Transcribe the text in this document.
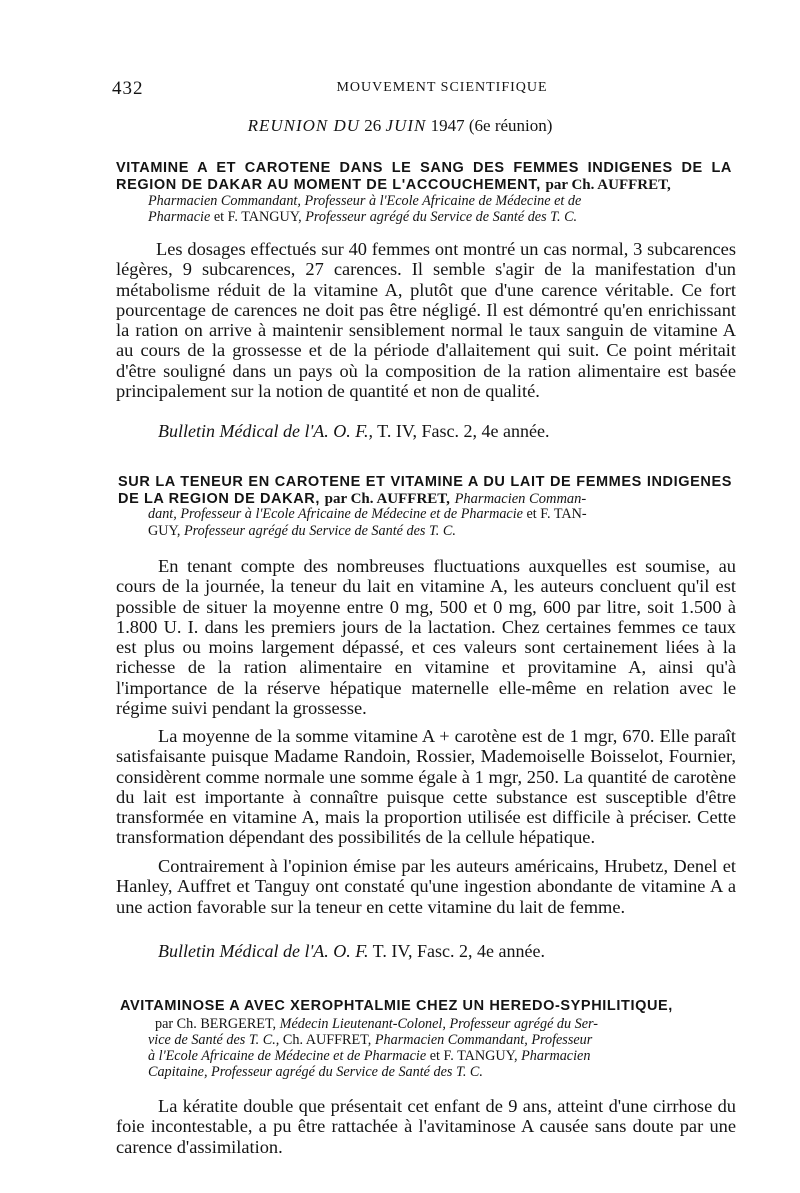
432	MOUVEMENT SCIENTIFIQUE
REUNION DU 26 JUIN 1947 (6e réunion)
VITAMINE A ET CAROTENE DANS LE SANG DES FEMMES INDIGENES DE LA REGION DE DAKAR AU MOMENT DE L'ACCOUCHEMENT, par Ch. AUFFRET,
Pharmacien Commandant, Professeur à l'Ecole Africaine de Médecine et de
Pharmacie et F. TANGUY, Professeur agrégé du Service de Santé des T. C.

Les dosages effectués sur 40 femmes ont montré un cas normal, 3 subcarences légères, 9 subcarences, 27 carences. Il semble s'agir de la manifestation d'un métabolisme réduit de la vitamine A, plutôt que d'une carence véritable. Ce fort pourcentage de carences ne doit pas être négligé. Il est démontré qu'en enrichissant la ration on arrive à maintenir sensiblement normal le taux sanguin de vitamine A au cours de la grossesse et de la période d'allaitement qui suit. Ce point méritait d'être souligné dans un pays où la composition de la ration alimentaire est basée principalement sur la notion de quantité et non de qualité.

Bulletin Médical de l'A. O. F., T. IV, Fasc. 2, 4e année.
SUR LA TENEUR EN CAROTENE ET VITAMINE A DU LAIT DE FEMMES INDIGENES DE LA REGION DE DAKAR, par Ch. AUFFRET, Pharmacien Comman-
dant, Professeur à l'Ecole Africaine de Médecine et de Pharmacie et F. TAN-
GUY, Professeur agrégé du Service de Santé des T. C.

En tenant compte des nombreuses fluctuations auxquelles est soumise, au cours de la journée, la teneur du lait en vitamine A, les auteurs concluent qu'il est possible de situer la moyenne entre 0 mg, 500 et 0 mg, 600 par litre, soit 1.500 à 1.800 U. I. dans les premiers jours de la lactation. Chez certaines femmes ce taux est plus ou moins largement dépassé, et ces valeurs sont certainement liées à la richesse de la ration alimentaire en vitamine et provitamine A, ainsi qu'à l'importance de la réserve hépatique maternelle elle-même en relation avec le régime suivi pendant la grossesse.

La moyenne de la somme vitamine A + carotène est de 1 mgr, 670. Elle paraît satisfaisante puisque Madame Randoin, Rossier, Mademoiselle Boisselot, Fournier, considèrent comme normale une somme égale à 1 mgr, 250. La quantité de carotène du lait est importante à connaître puisque cette substance est susceptible d'être transformée en vitamine A, mais la proportion utilisée est difficile à préciser. Cette transformation dépendant des possibilités de la cellule hépatique.

Contrairement à l'opinion émise par les auteurs américains, Hrubetz, Denel et Hanley, Auffret et Tanguy ont constaté qu'une ingestion abondante de vitamine A a une action favorable sur la teneur en cette vitamine du lait de femme.

Bulletin Médical de l'A. O. F. T. IV, Fasc. 2, 4e année.
AVITAMINOSE A AVEC XEROPHTALMIE CHEZ UN HEREDO-SYPHILITIQUE,
par Ch. BERGERET, Médecin Lieutenant-Colonel, Professeur agrégé du Ser-
vice de Santé des T. C., Ch. AUFFRET, Pharmacien Commandant, Professeur
à l'Ecole Africaine de Médecine et de Pharmacie et F. TANGUY, Pharmacien
Capitaine, Professeur agrégé du Service de Santé des T. C.

La kératite double que présentait cet enfant de 9 ans, atteint d'une cirrhose du foie incontestable, a pu être rattachée à l'avitaminose A causée sans doute par une carence d'assimilation.
